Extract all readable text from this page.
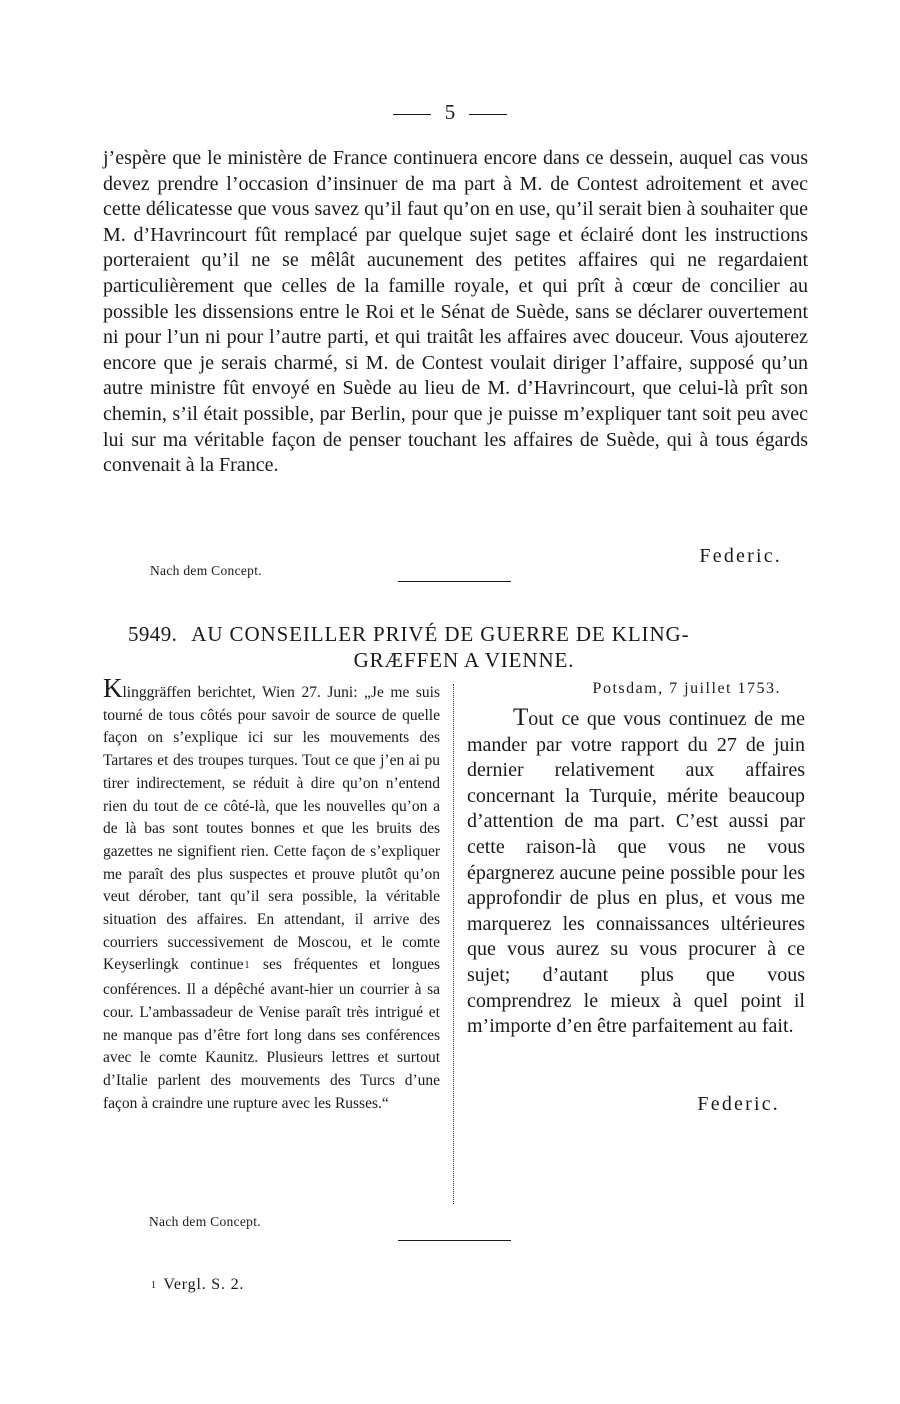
5
j’espère que le ministère de France continuera encore dans ce dessein, auquel cas vous devez prendre l’occasion d’insinuer de ma part à M. de Contest adroitement et avec cette délicatesse que vous savez qu’il faut qu’on en use, qu’il serait bien à souhaiter que M. d’Havrincourt fût remplacé par quelque sujet sage et éclairé dont les instructions porteraient qu’il ne se mêlât aucunement des petites affaires qui ne regardaient particulièrement que celles de la famille royale, et qui prît à cœur de concilier au possible les dissensions entre le Roi et le Sénat de Suède, sans se déclarer ouvertement ni pour l’un ni pour l’autre parti, et qui traitât les affaires avec douceur. Vous ajouterez encore que je serais charmé, si M. de Contest voulait diriger l’affaire, supposé qu’un autre ministre fût envoyé en Suède au lieu de M. d’Havrincourt, que celui-là prît son chemin, s’il était possible, par Berlin, pour que je puisse m’expliquer tant soit peu avec lui sur ma véritable façon de penser touchant les affaires de Suède, qui à tous égards convenait à la France.
Federic.
Nach dem Concept.
5949. AU CONSEILLER PRIVÉ DE GUERRE DE KLING-
GRÆFFEN A VIENNE.
Klinggräffen berichtet, Wien 27. Juni: „Je me suis tourné de tous côtés pour savoir de source de quelle façon on s’explique ici sur les mouvements des Tartares et des troupes turques. Tout ce que j’en ai pu tirer indirectement, se réduit à dire qu’on n’entend rien du tout de ce côté-là, que les nouvelles qu’on a de là bas sont toutes bonnes et que les bruits des gazettes ne signifient rien. Cette façon de s’expliquer me paraît des plus suspectes et prouve plutôt qu’on veut dérober, tant qu’il sera possible, la véritable situation des affaires. En attendant, il arrive des courriers successivement de Moscou, et le comte Keyserlingk continue$^1$ ses fréquentes et longues conférences. Il a dépêché avant-hier un courrier à sa cour. L’ambassadeur de Venise paraît très intrigué et ne manque pas d’être fort long dans ses conférences avec le comte Kaunitz. Plusieurs lettres et surtout d’Italie parlent des mouvements des Turcs d’une façon à craindre une rupture avec les Russes.“
Potsdam, 7 juillet 1753.
Tout ce que vous continuez de me mander par votre rapport du 27 de juin dernier relativement aux affaires concernant la Turquie, mérite beaucoup d’attention de ma part. C’est aussi par cette raison-là que vous ne vous épargnerez aucune peine possible pour les approfondir de plus en plus, et vous me marquerez les connaissances ultérieures que vous aurez su vous procurer à ce sujet; d’autant plus que vous comprendrez le mieux à quel point il m’importe d’en être parfaitement au fait.
Federic.
Nach dem Concept.
$^1$ Vergl. S. 2.
